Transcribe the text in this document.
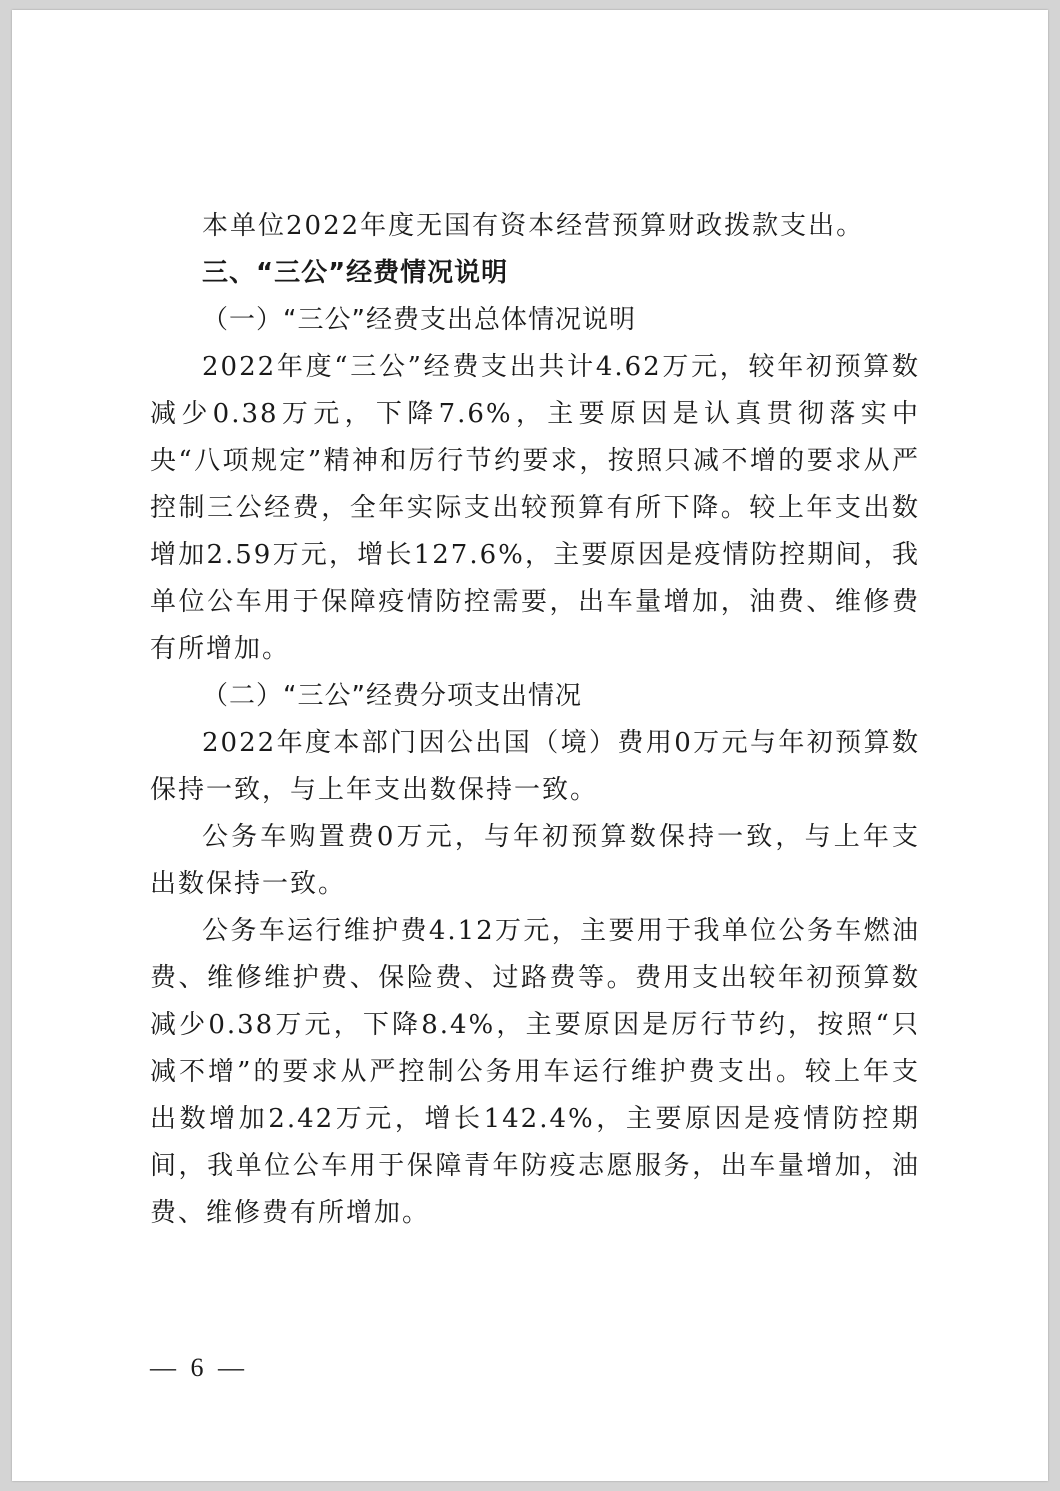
本单位2022年度无国有资本经营预算财政拨款支出。

三、“三公”经费情况说明

（一）“三公”经费支出总体情况说明

2022年度“三公”经费支出共计4.62万元，较年初预算数减少0.38万元，下降7.6%，主要原因是认真贯彻落实中央“八项规定”精神和厉行节约要求，按照只减不增的要求从严控制三公经费，全年实际支出较预算有所下降。较上年支出数增加2.59万元，增长127.6%，主要原因是疫情防控期间，我单位公车用于保障疫情防控需要，出车量增加，油费、维修费有所增加。

（二）“三公”经费分项支出情况

2022年度本部门因公出国（境）费用0万元与年初预算数保持一致，与上年支出数保持一致。

公务车购置费0万元，与年初预算数保持一致，与上年支出数保持一致。

公务车运行维护费4.12万元，主要用于我单位公务车燃油费、维修维护费、保险费、过路费等。费用支出较年初预算数减少0.38万元，下降8.4%，主要原因是厉行节约，按照“只减不增”的要求从严控制公务用车运行维护费支出。较上年支出数增加2.42万元，增长142.4%，主要原因是疫情防控期间，我单位公车用于保障青年防疫志愿服务，出车量增加，油费、维修费有所增加。

— 6 —
